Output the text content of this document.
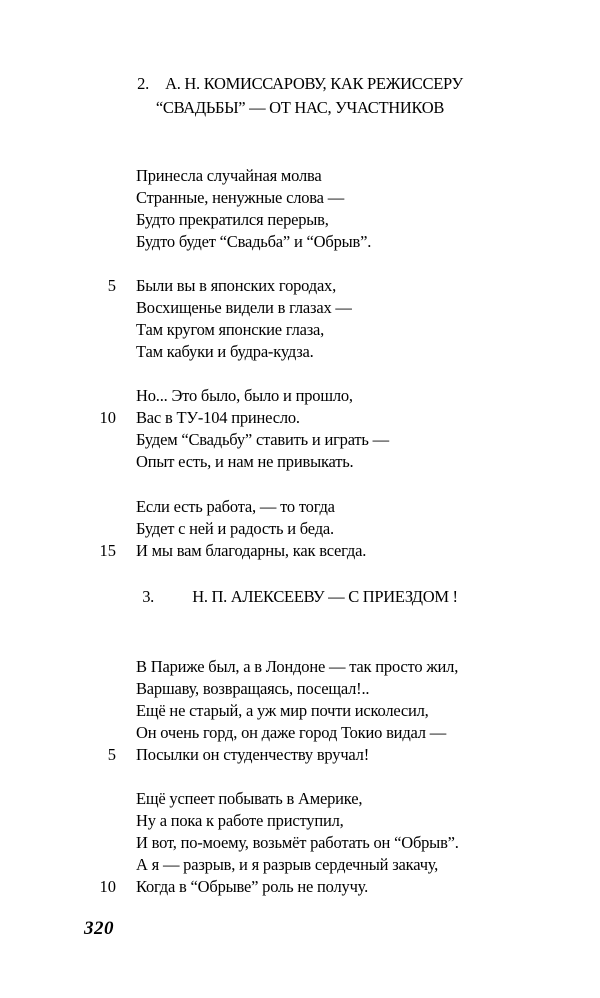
2. А. Н. КОМИССАРОВУ, КАК РЕЖИССЕРУ
“СВАДЬБЫ” — ОТ НАС, УЧАСТНИКОВ
Принесла случайная молва
Странные, ненужные слова —
Будто прекратился перерыв,
Будто будет “Свадьба” и “Обрыв”.
5 Были вы в японских городах,
Восхищенье видели в глазах —
Там кругом японские глаза,
Там кабуки и будра-кудза.
Но... Это было, было и прошло,
10 Вас в ТУ-104 принесло.
Будем “Свадьбу” ставить и играть —
Опыт есть, и нам не привыкать.
Если есть работа, — то тогда
Будет с ней и радость и беда.
15 И мы вам благодарны, как всегда.
3. Н. П. АЛЕКСЕЕВУ — С ПРИЕЗДОМ !
В Париже был, а в Лондоне — так просто жил,
Варшаву, возвращаясь, посещал!..
Ещё не старый, а уж мир почти исколесил,
Он очень горд, он даже город Токио видал —
5 Посылки он студенчеству вручал!
Ещё успеет побывать в Америке,
Ну а пока к работе приступил,
И вот, по-моему, возьмёт работать он “Обрыв”.
А я — разрыв, и я разрыв сердечный закачу,
10 Когда в “Обрыве” роль не получу.
320
